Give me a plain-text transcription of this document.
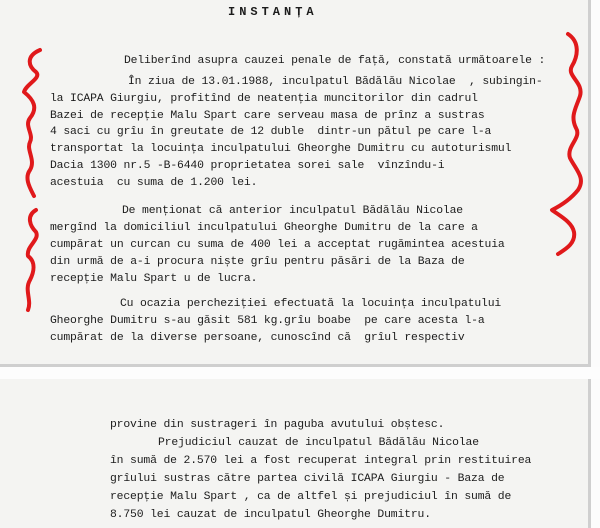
INSTANȚA
Deliberînd asupra cauzei penale de față, constată următoarele :
În ziua de 13.01.1988, inculpatul Bădălău Nicolae  , subingin-
la ICAPA Giurgiu, profitînd de neatenția muncitorilor din cadrul
Bazei de recepție Malu Spart care serveau masa de prînz a sustras
4 saci cu grîu în greutate de 12 duble  dintr-un pătul pe care l-a
transportat la locuința inculpatului Gheorghe Dumitru cu autoturismul
Dacia 1300 nr.5 -B-6440 proprietatea sorei sale  vînzîndu-i
acestuia  cu suma de 1.200 lei.
De menționat că anterior inculpatul Bădălău Nicolae
mergînd la domiciliul inculpatului Gheorghe Dumitru de la care a
cumpărat un curcan cu suma de 400 lei a acceptat rugămintea acestuia
din urmă de a-i procura niște grîu pentru păsări de la Baza de
recepție Malu Spart u de lucra.
Cu ocazia percheziției efectuată la locuința inculpatului
Gheorghe Dumitru s-au găsit 581 kg.grîu boabe  pe care acesta l-a
cumpărat de la diverse persoane, cunoscînd că  grîul respectiv
provine din sustrageri în paguba avutului obștesc.
Prejudiciul cauzat de inculpatul Bădălău Nicolae
în sumă de 2.570 lei a fost recuperat integral prin restituirea
grîului sustras către partea civilă ICAPA Giurgiu - Baza de
recepție Malu Spart , ca de altfel și prejudiciul în sumă de
8.750 lei cauzat de inculpatul Gheorghe Dumitru.
